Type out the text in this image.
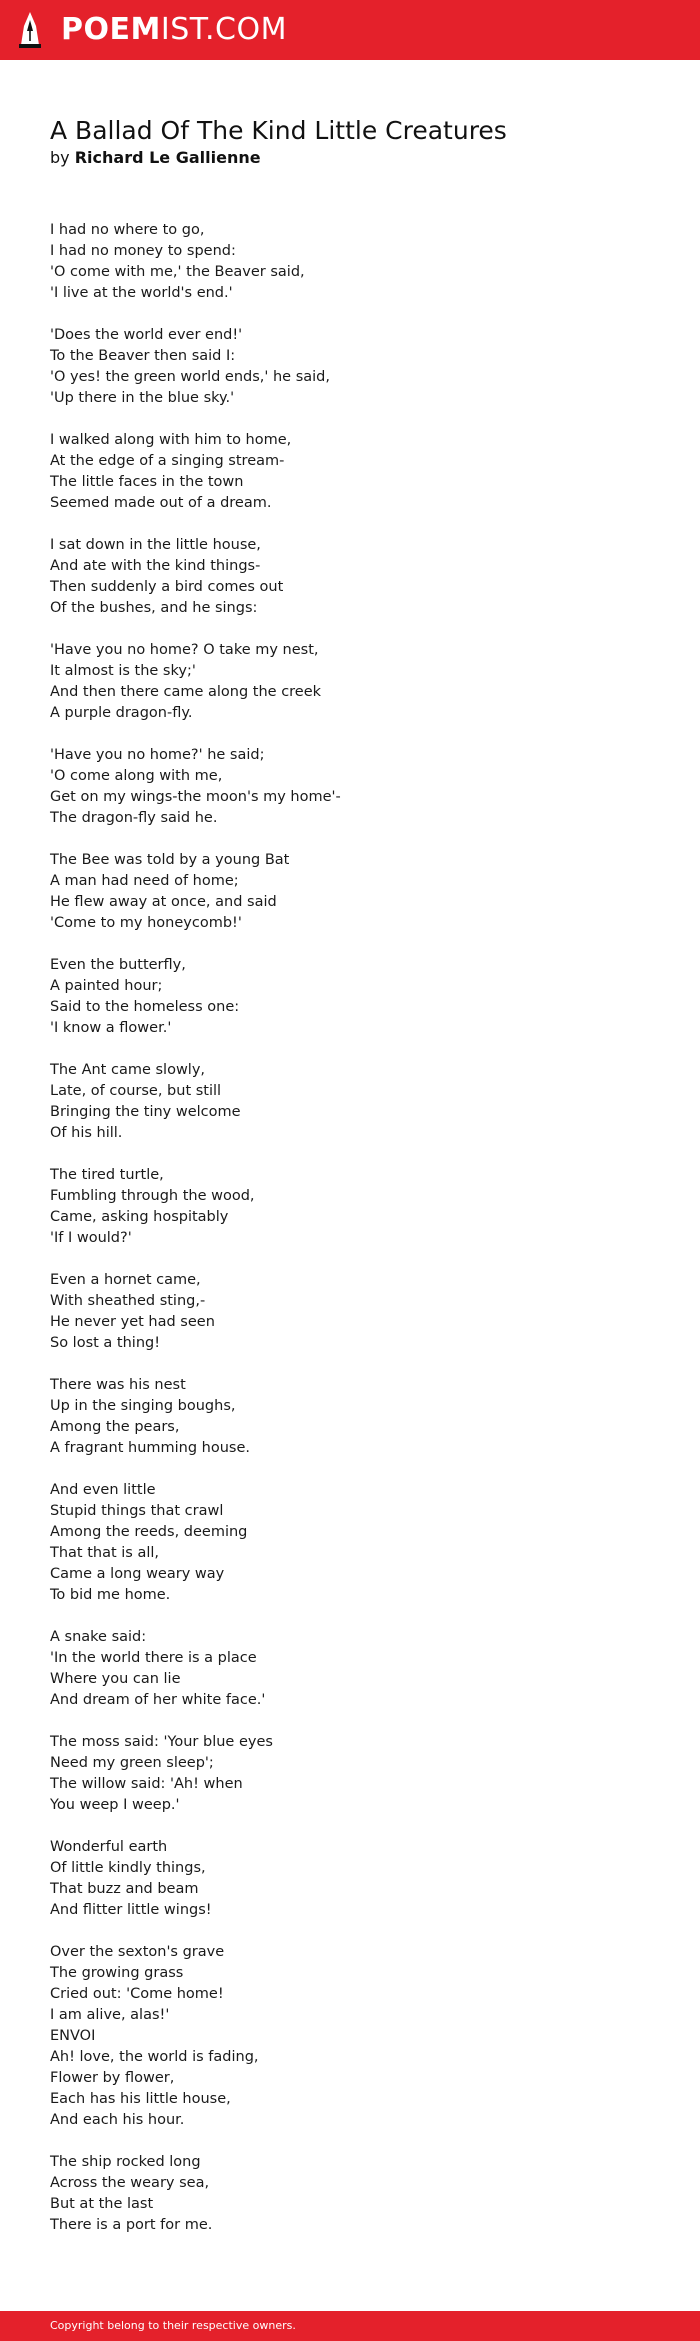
POEMIST.COM
A Ballad Of The Kind Little Creatures
by Richard Le Gallienne
I had no where to go,
I had no money to spend:
'O come with me,' the Beaver said,
'I live at the world's end.'
'Does the world ever end!'
To the Beaver then said I:
'O yes! the green world ends,' he said,
'Up there in the blue sky.'
I walked along with him to home,
At the edge of a singing stream-
The little faces in the town
Seemed made out of a dream.
I sat down in the little house,
And ate with the kind things-
Then suddenly a bird comes out
Of the bushes, and he sings:
'Have you no home? O take my nest,
It almost is the sky;'
And then there came along the creek
A purple dragon-fly.
'Have you no home?' he said;
'O come along with me,
Get on my wings-the moon's my home'-
The dragon-fly said he.
The Bee was told by a young Bat
A man had need of home;
He flew away at once, and said
'Come to my honeycomb!'
Even the butterfly,
A painted hour;
Said to the homeless one:
'I know a flower.'
The Ant came slowly,
Late, of course, but still
Bringing the tiny welcome
Of his hill.
The tired turtle,
Fumbling through the wood,
Came, asking hospitably
'If I would?'
Even a hornet came,
With sheathed sting,-
He never yet had seen
So lost a thing!
There was his nest
Up in the singing boughs,
Among the pears,
A fragrant humming house.
And even little
Stupid things that crawl
Among the reeds, deeming
That that is all,
Came a long weary way
To bid me home.
A snake said:
'In the world there is a place
Where you can lie
And dream of her white face.'
The moss said: 'Your blue eyes
Need my green sleep';
The willow said: 'Ah! when
You weep I weep.'
Wonderful earth
Of little kindly things,
That buzz and beam
And flitter little wings!
Over the sexton's grave
The growing grass
Cried out: 'Come home!
I am alive, alas!'
ENVOI
Ah! love, the world is fading,
Flower by flower,
Each has his little house,
And each his hour.
The ship rocked long
Across the weary sea,
But at the last
There is a port for me.
Copyright belong to their respective owners.
